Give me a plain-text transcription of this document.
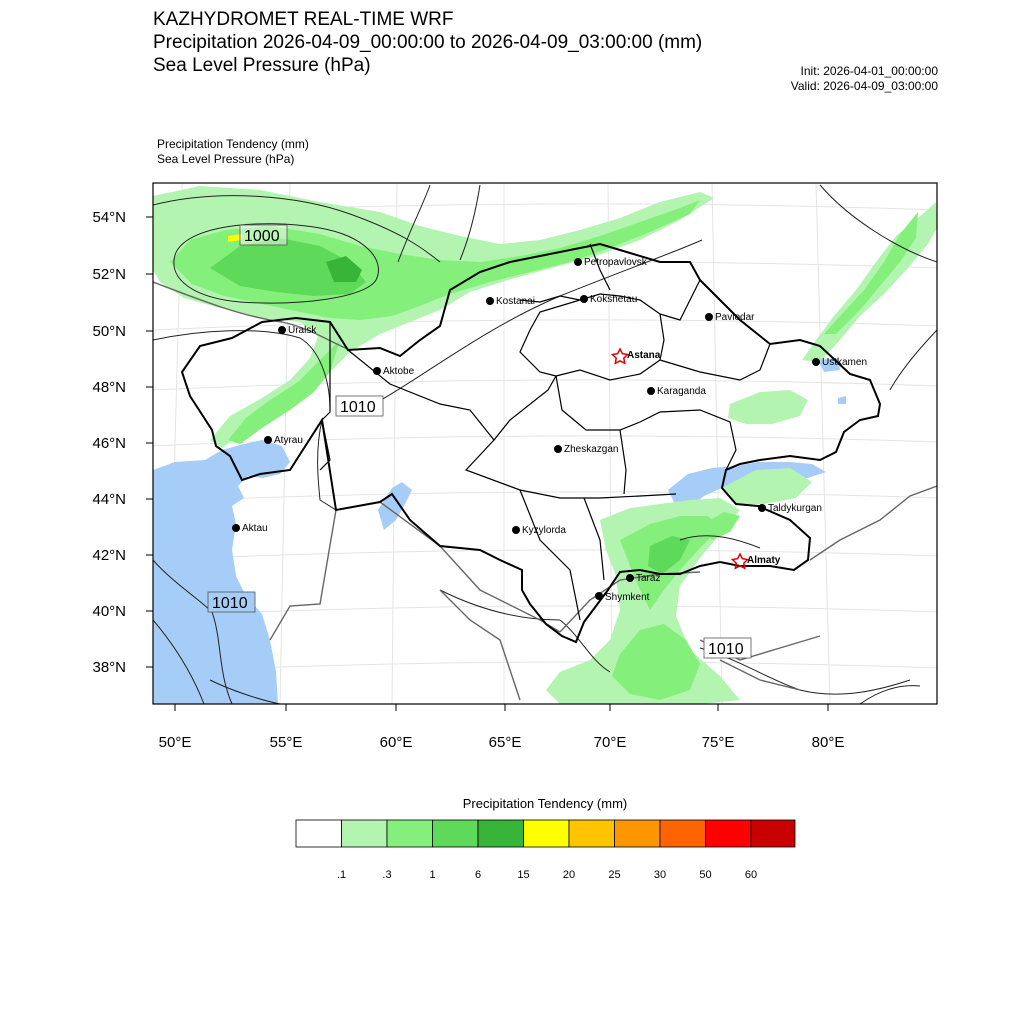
KAZHYDROMET REAL-TIME WRF
Precipitation 2026-04-09_00:00:00 to 2026-04-09_03:00:00 (mm)
Sea Level Pressure (hPa)	Init: 2026-04-01_00:00:00
Valid: 2026-04-09_03:00:00
Precipitation Tendency (mm)
Sea Level Pressure (hPa)
54°N
52°N
50°N
48°N
46°N
44°N
42°N
40°N
38°N
50°E	55°E	60°E	65°E	70°E	75°E	80°E
1000
1010
1010
1010
Petropavlovsk
Kostanai	Kokshetau
Pavlodar
Uralsk
Astana
Aktobe
Ustkamen
Karaganda
Atyrau
Zheskazgan
Taldykurgan
Aktau	Kyzylorda
Almaty
Taraz
Shymkent
.1	.3	1	6	15	20	25	30	50	60
Precipitation Tendency (mm)
